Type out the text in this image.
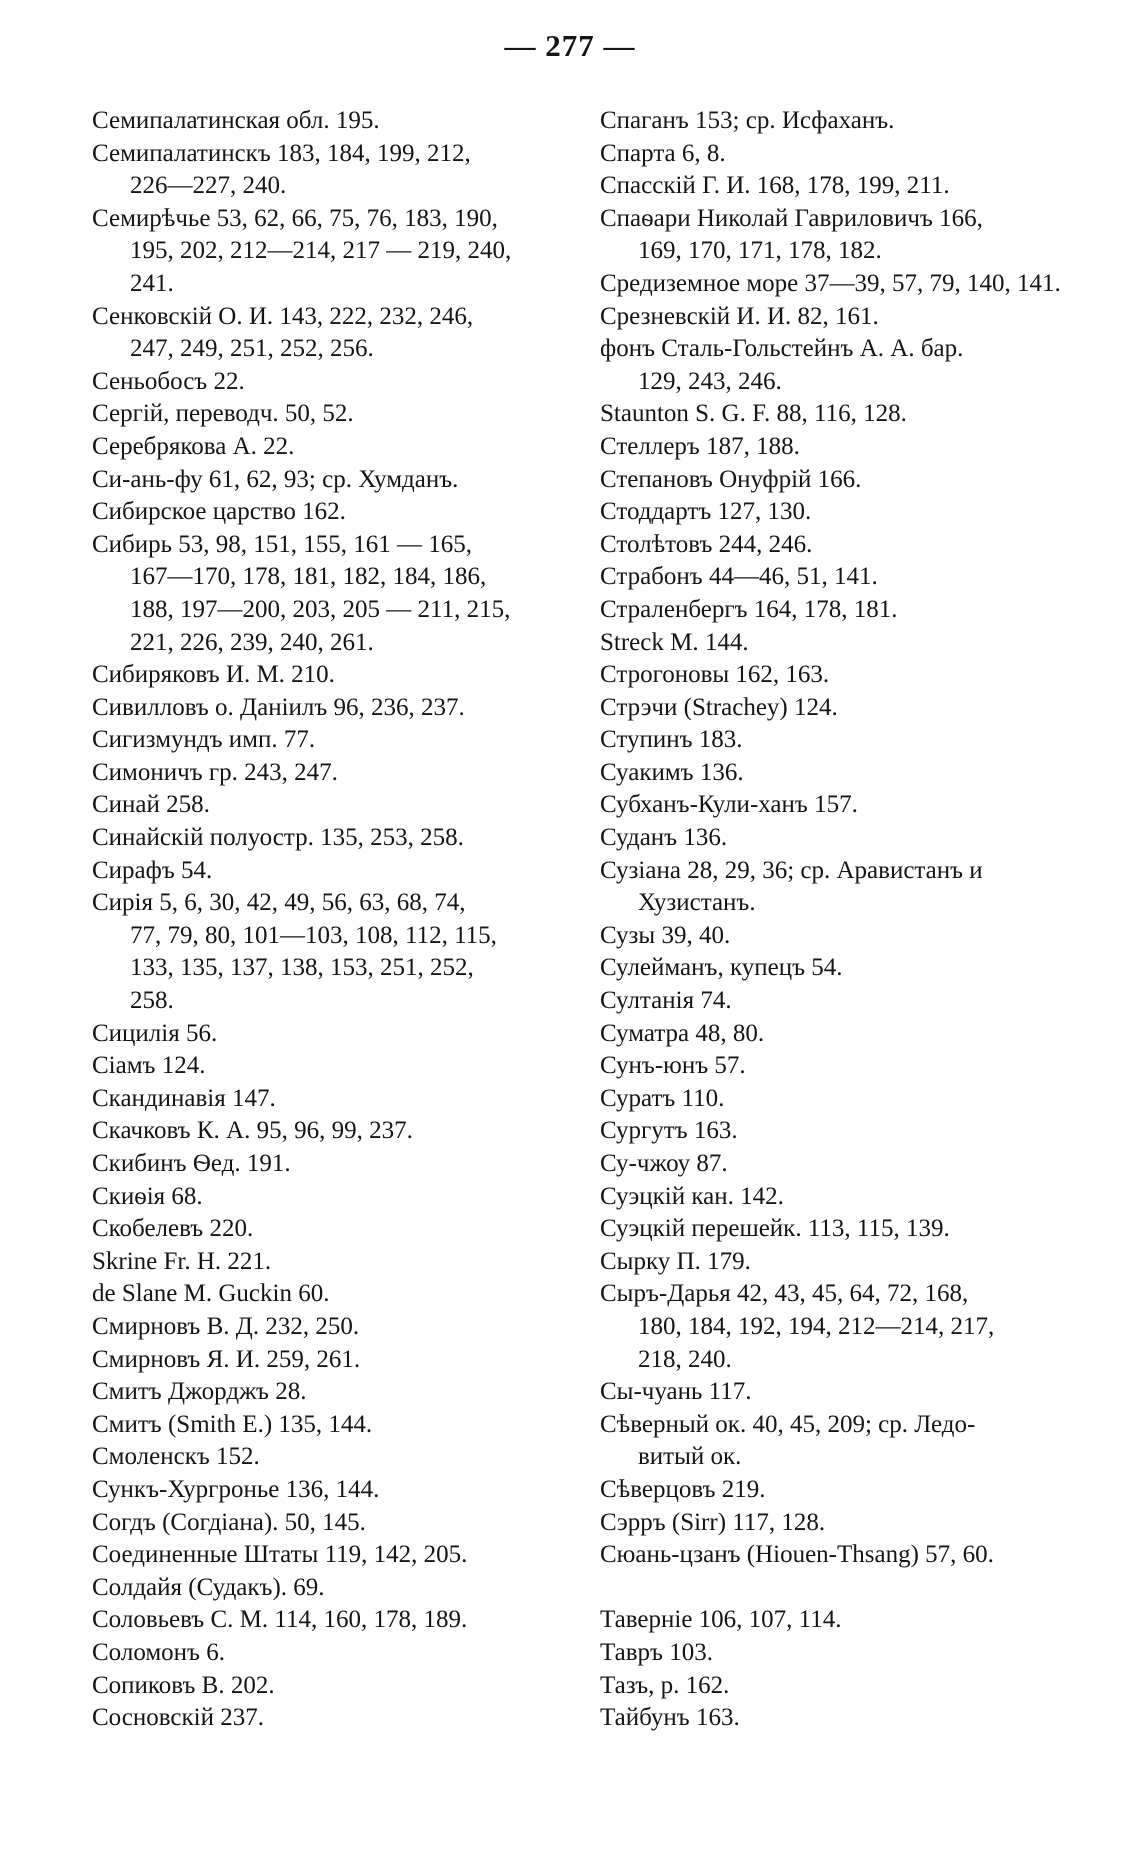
— 277 —
Семипалатинская обл. 195.
Семипалатинскъ 183, 184, 199, 212,
226—227, 240.
Семирѣчье 53, 62, 66, 75, 76, 183, 190,
195, 202, 212—214, 217 — 219, 240,
241.
Сенковскій О. И. 143, 222, 232, 246,
247, 249, 251, 252, 256.
Сеньобосъ 22.
Сергій, переводч. 50, 52.
Серебрякова А. 22.
Си-ань-фу 61, 62, 93; ср. Хумданъ.
Сибирское царство 162.
Сибирь 53, 98, 151, 155, 161 — 165,
167—170, 178, 181, 182, 184, 186,
188, 197—200, 203, 205 — 211, 215,
221, 226, 239, 240, 261.
Сибиряковъ И. М. 210.
Сивилловъ о. Даніилъ 96, 236, 237.
Сигизмундъ имп. 77.
Симоничъ гр. 243, 247.
Синай 258.
Синайскій полуостр. 135, 253, 258.
Сирафъ 54.
Сирія 5, 6, 30, 42, 49, 56, 63, 68, 74,
77, 79, 80, 101—103, 108, 112, 115,
133, 135, 137, 138, 153, 251, 252,
258.
Сицилія 56.
Сіамъ 124.
Скандинавія 147.
Скачковъ К. А. 95, 96, 99, 237.
Скибинъ Ѳед. 191.
Скиѳія 68.
Скобелевъ 220.
Skrine Fr. H. 221.
de Slane M. Guckin 60.
Смирновъ В. Д. 232, 250.
Смирновъ Я. И. 259, 261.
Смитъ Джорджъ 28.
Смитъ (Smith E.) 135, 144.
Смоленскъ 152.
Сункъ-Хургронье 136, 144.
Согдъ (Согдіана). 50, 145.
Соединенные Штаты 119, 142, 205.
Солдайя (Судакъ). 69.
Соловьевъ С. М. 114, 160, 178, 189.
Соломонъ 6.
Сопиковъ В. 202.
Сосновскій 237.
Спаганъ 153; ср. Исфаханъ.
Спарта 6, 8.
Спасскій Г. И. 168, 178, 199, 211.
Спаѳари Николай Гавриловичъ 166,
169, 170, 171, 178, 182.
Средиземное море 37—39, 57, 79, 140, 141.
Срезневскій И. И. 82, 161.
фонъ Сталь-Гольстейнъ А. А. бар.
129, 243, 246.
Staunton S. G. F. 88, 116, 128.
Стеллеръ 187, 188.
Степановъ Онуфрій 166.
Стоддартъ 127, 130.
Столѣтовъ 244, 246.
Страбонъ 44—46, 51, 141.
Страленбергъ 164, 178, 181.
Streck M. 144.
Строгоновы 162, 163.
Стрэчи (Strachey) 124.
Ступинъ 183.
Суакимъ 136.
Субханъ-Кули-ханъ 157.
Суданъ 136.
Сузіана 28, 29, 36; ср. Аравистанъ и
Хузистанъ.
Сузы 39, 40.
Сулейманъ, купецъ 54.
Султанія 74.
Суматра 48, 80.
Сунъ-юнъ 57.
Суратъ 110.
Сургутъ 163.
Су-чжоу 87.
Суэцкій кан. 142.
Суэцкій перешейк. 113, 115, 139.
Сырку П. 179.
Сыръ-Дарья 42, 43, 45, 64, 72, 168,
180, 184, 192, 194, 212—214, 217,
218, 240.
Сы-чуань 117.
Сѣверный ок. 40, 45, 209; ср. Ледо-
витый ок.
Сѣверцовъ 219.
Сэрръ (Sirr) 117, 128.
Сюань-цзанъ (Hiouen-Thsang) 57, 60.
Таверніе 106, 107, 114.
Тавръ 103.
Тазъ, р. 162.
Тайбунъ 163.
